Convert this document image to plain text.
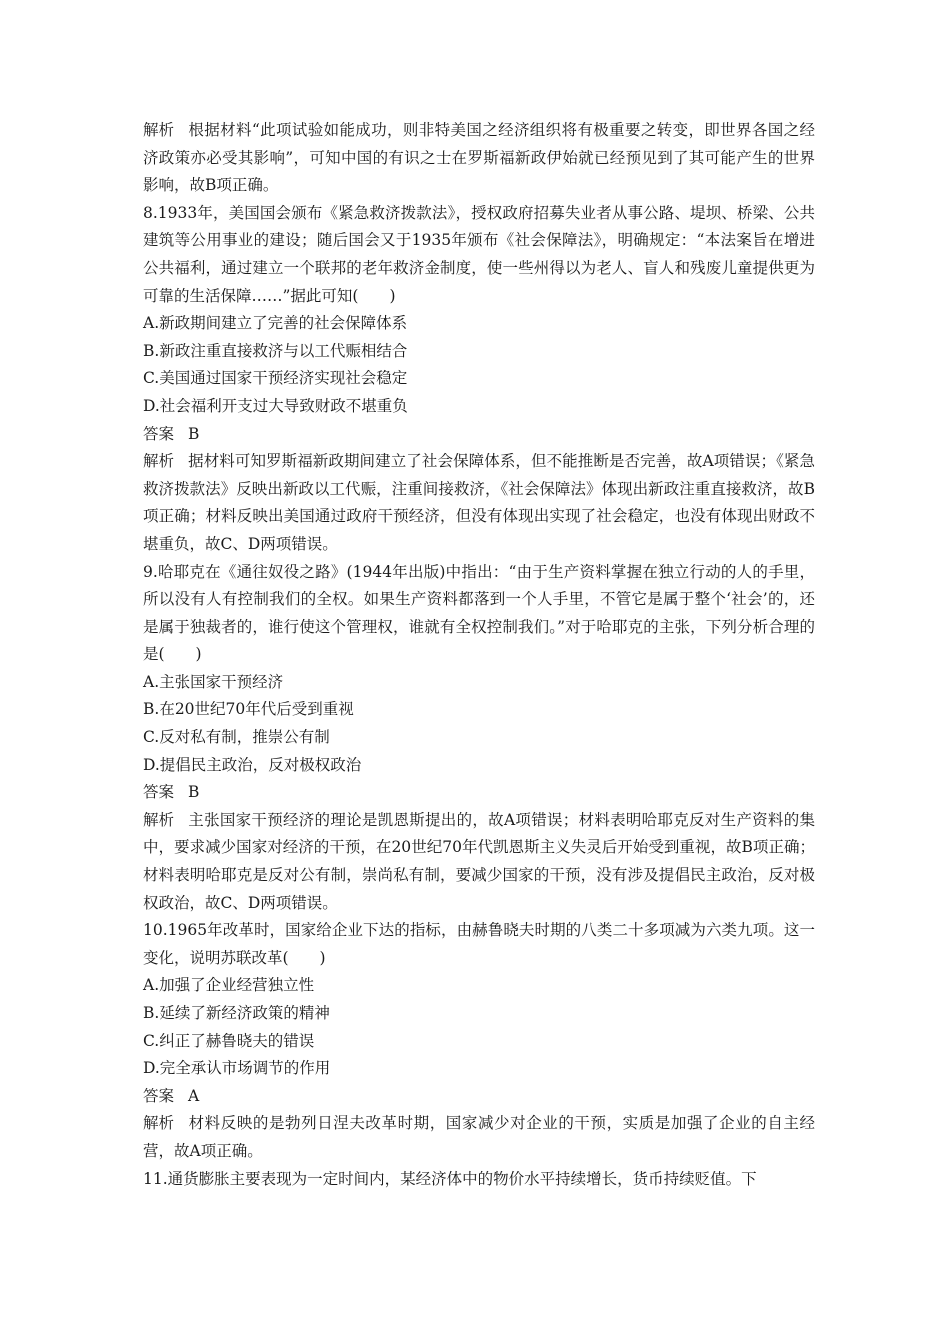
解析 根据材料“此项试验如能成功，则非特美国之经济组织将有极重要之转变，即世界各国之经济政策亦必受其影响”，可知中国的有识之士在罗斯福新政伊始就已经预见到了其可能产生的世界影响，故B项正确。

8.1933年，美国国会颁布《紧急救济拨款法》，授权政府招募失业者从事公路、堤坝、桥梁、公共建筑等公用事业的建设；随后国会又于1935年颁布《社会保障法》，明确规定：“本法案旨在增进公共福利，通过建立一个联邦的老年救济金制度，使一些州得以为老人、盲人和残废儿童提供更为可靠的生活保障……”据此可知(　　)

A.新政期间建立了完善的社会保障体系

B.新政注重直接救济与以工代赈相结合

C.美国通过国家干预经济实现社会稳定

D.社会福利开支过大导致财政不堪重负

答案 B

解析 据材料可知罗斯福新政期间建立了社会保障体系，但不能推断是否完善，故A项错误；《紧急救济拨款法》反映出新政以工代赈，注重间接救济，《社会保障法》体现出新政注重直接救济，故B项正确；材料反映出美国通过政府干预经济，但没有体现出实现了社会稳定，也没有体现出财政不堪重负，故C、D两项错误。

9.哈耶克在《通往奴役之路》(1944年出版)中指出：“由于生产资料掌握在独立行动的人的手里，所以没有人有控制我们的全权。如果生产资料都落到一个人手里，不管它是属于整个‘社会’的，还是属于独裁者的，谁行使这个管理权，谁就有全权控制我们。”对于哈耶克的主张，下列分析合理的是(　　)

A.主张国家干预经济

B.在20世纪70年代后受到重视

C.反对私有制，推崇公有制

D.提倡民主政治，反对极权政治

答案 B

解析 主张国家干预经济的理论是凯恩斯提出的，故A项错误；材料表明哈耶克反对生产资料的集中，要求减少国家对经济的干预，在20世纪70年代凯恩斯主义失灵后开始受到重视，故B项正确；材料表明哈耶克是反对公有制，崇尚私有制，要减少国家的干预，没有涉及提倡民主政治，反对极权政治，故C、D两项错误。

10.1965年改革时，国家给企业下达的指标，由赫鲁晓夫时期的八类二十多项减为六类九项。这一变化，说明苏联改革(　　)

A.加强了企业经营独立性

B.延续了新经济政策的精神

C.纠正了赫鲁晓夫的错误

D.完全承认市场调节的作用

答案 A

解析 材料反映的是勃列日涅夫改革时期，国家减少对企业的干预，实质是加强了企业的自主经营，故A项正确。

11.通货膨胀主要表现为一定时间内，某经济体中的物价水平持续增长，货币持续贬值。下
